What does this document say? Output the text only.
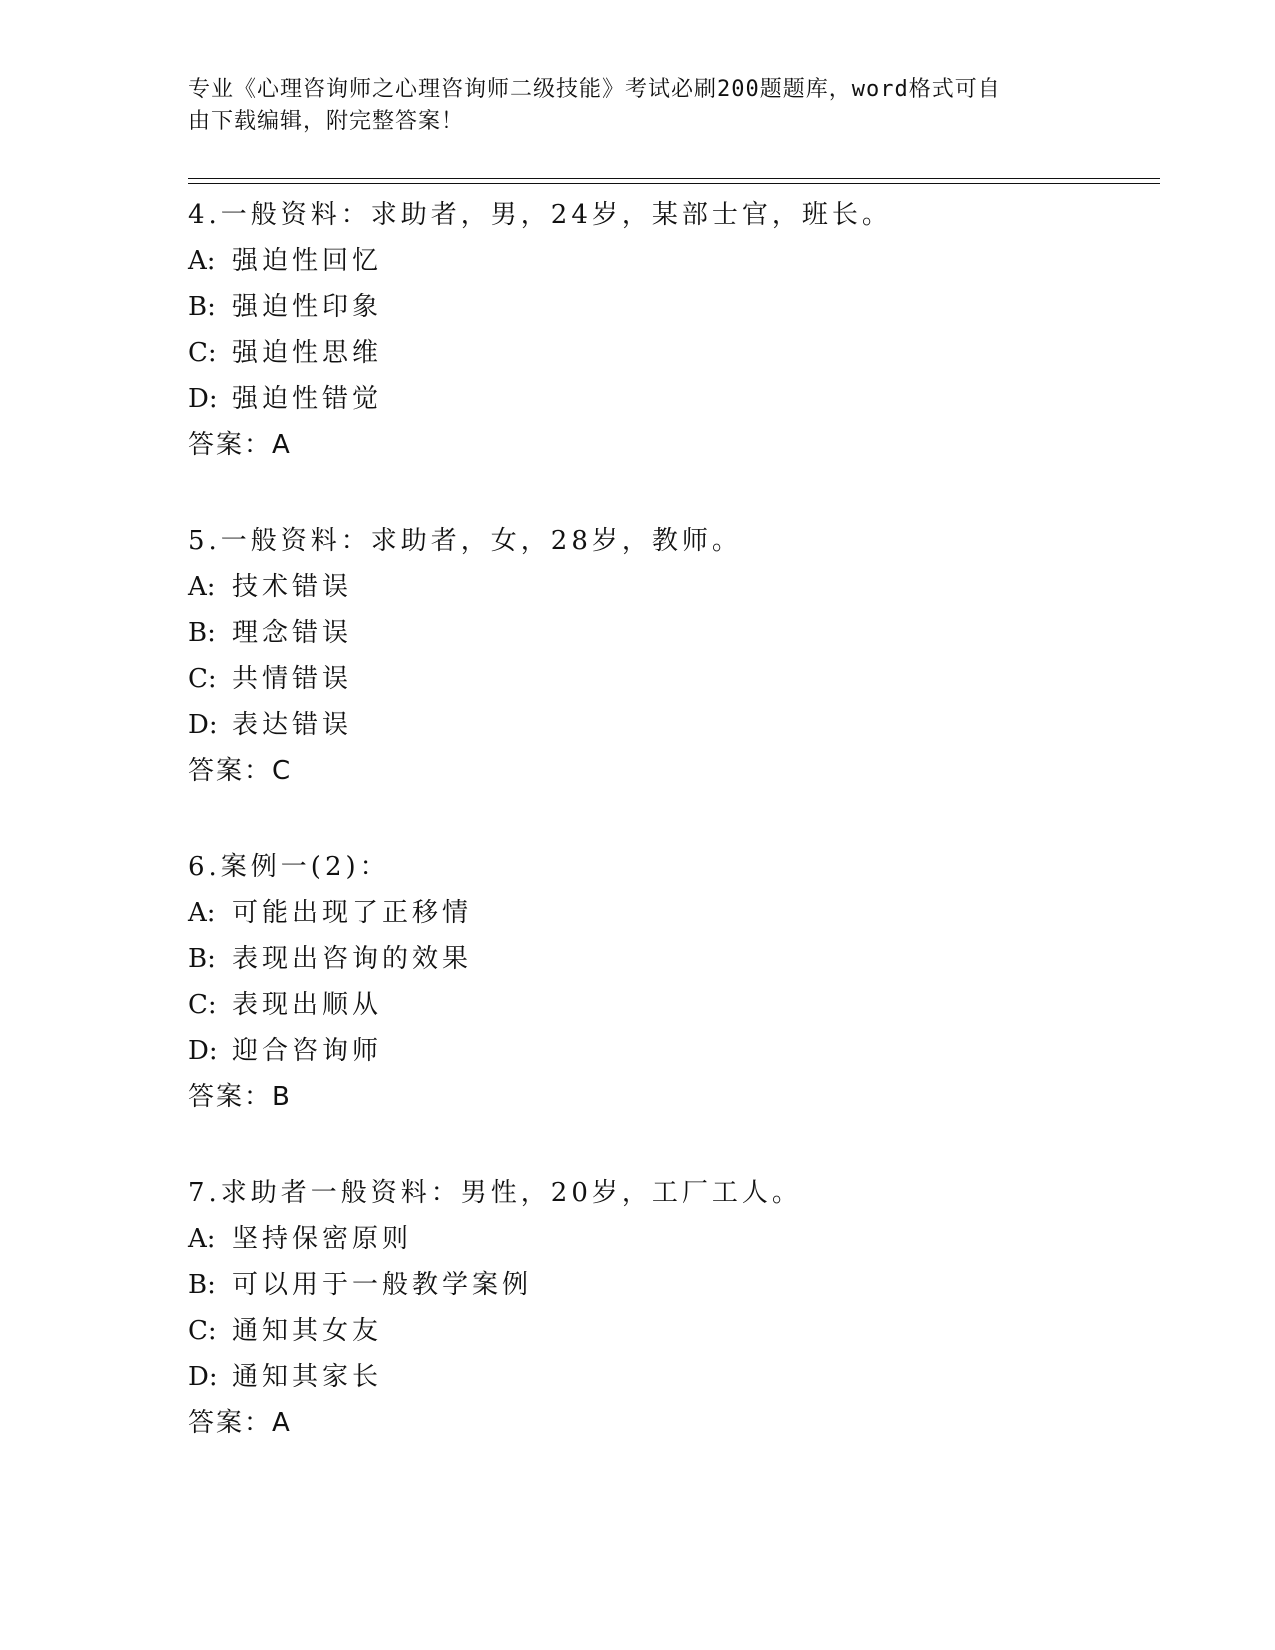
专业《心理咨询师之心理咨询师二级技能》考试必刷200题题库，word格式可自
由下载编辑，附完整答案！
4.一般资料：求助者，男，24岁，某部士官，班长。
A: 强迫性回忆
B: 强迫性印象
C: 强迫性思维
D: 强迫性错觉
答案：A
5.一般资料：求助者，女，28岁，教师。
A: 技术错误
B: 理念错误
C: 共情错误
D: 表达错误
答案：C
6.案例一(2)：
A: 可能出现了正移情
B: 表现出咨询的效果
C: 表现出顺从
D: 迎合咨询师
答案：B
7.求助者一般资料：男性，20岁，工厂工人。
A: 坚持保密原则
B: 可以用于一般教学案例
C: 通知其女友
D: 通知其家长
答案：A
